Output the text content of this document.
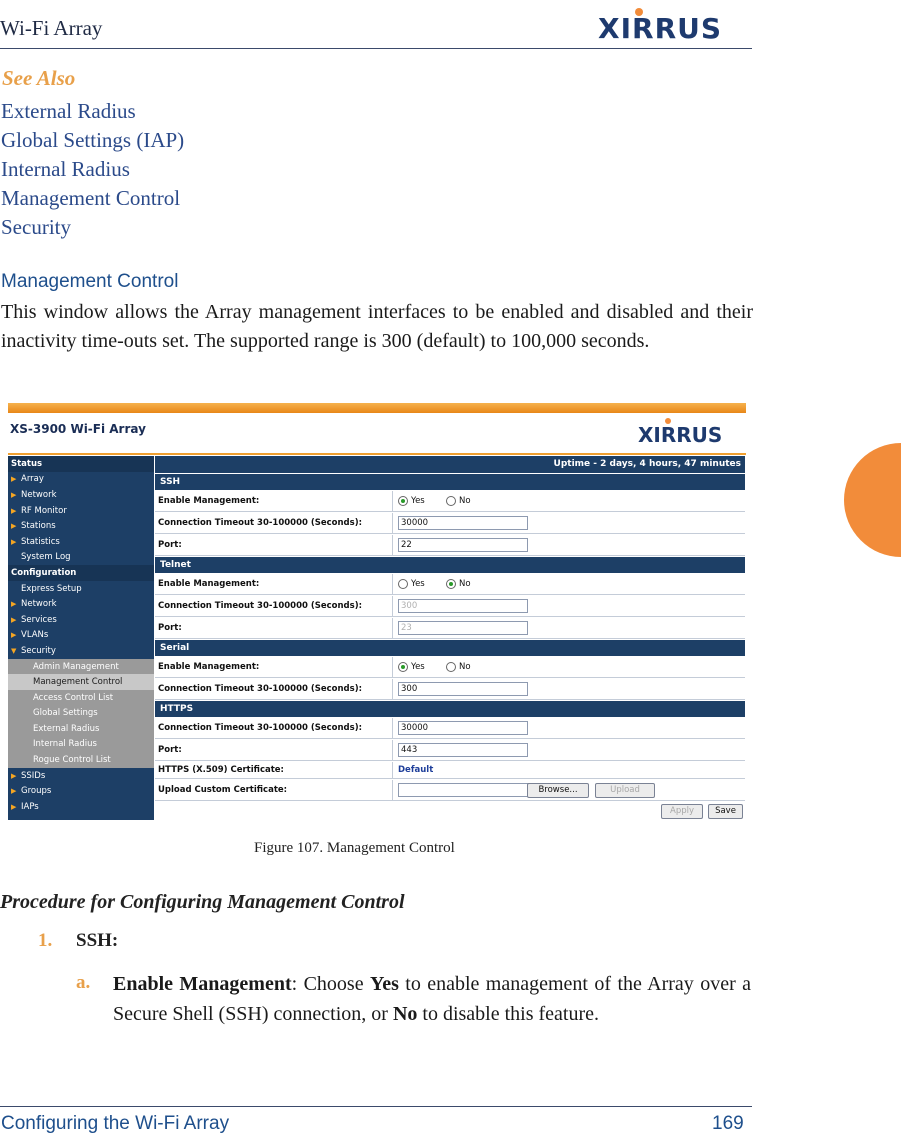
Wi-Fi Array	XIRRUS
See Also
External Radius
Global Settings (IAP)
Internal Radius
Management Control
Security
Management Control

This window allows the Array management interfaces to be enabled and disabled and their inactivity time-outs set. The supported range is 300 (default) to 100,000 seconds.

XS-3900 Wi-Fi Array	XIRRUS
Status
▶ Array
▶ Network
▶ RF Monitor
▶ Stations
▶ Statistics
System Log
Configuration
Express Setup
▶ Network
▶ Services
▶ VLANs
▼ Security
Admin Management
Management Control
Access Control List
Global Settings
External Radius
Internal Radius
Rogue Control List
▶ SSIDs
▶ Groups
▶ IAPs
Uptime - 2 days, 4 hours, 47 minutes
SSH
Enable Management:	Yes	No
Connection Timeout 30-100000 (Seconds):	30000
Port:	22
Telnet
Enable Management:	Yes	No
Connection Timeout 30-100000 (Seconds):	300
Port:	23
Serial
Enable Management:	Yes	No
Connection Timeout 30-100000 (Seconds):	300
HTTPS
Connection Timeout 30-100000 (Seconds):	30000
Port:	443
HTTPS (X.509) Certificate:	Default
Upload Custom Certificate:	Browse...	Upload
Apply	Save
Figure 107. Management Control
Procedure for Configuring Management Control
1. SSH:
a. Enable Management: Choose Yes to enable management of the Array over a Secure Shell (SSH) connection, or No to disable this feature.

Configuring the Wi-Fi Array	169
